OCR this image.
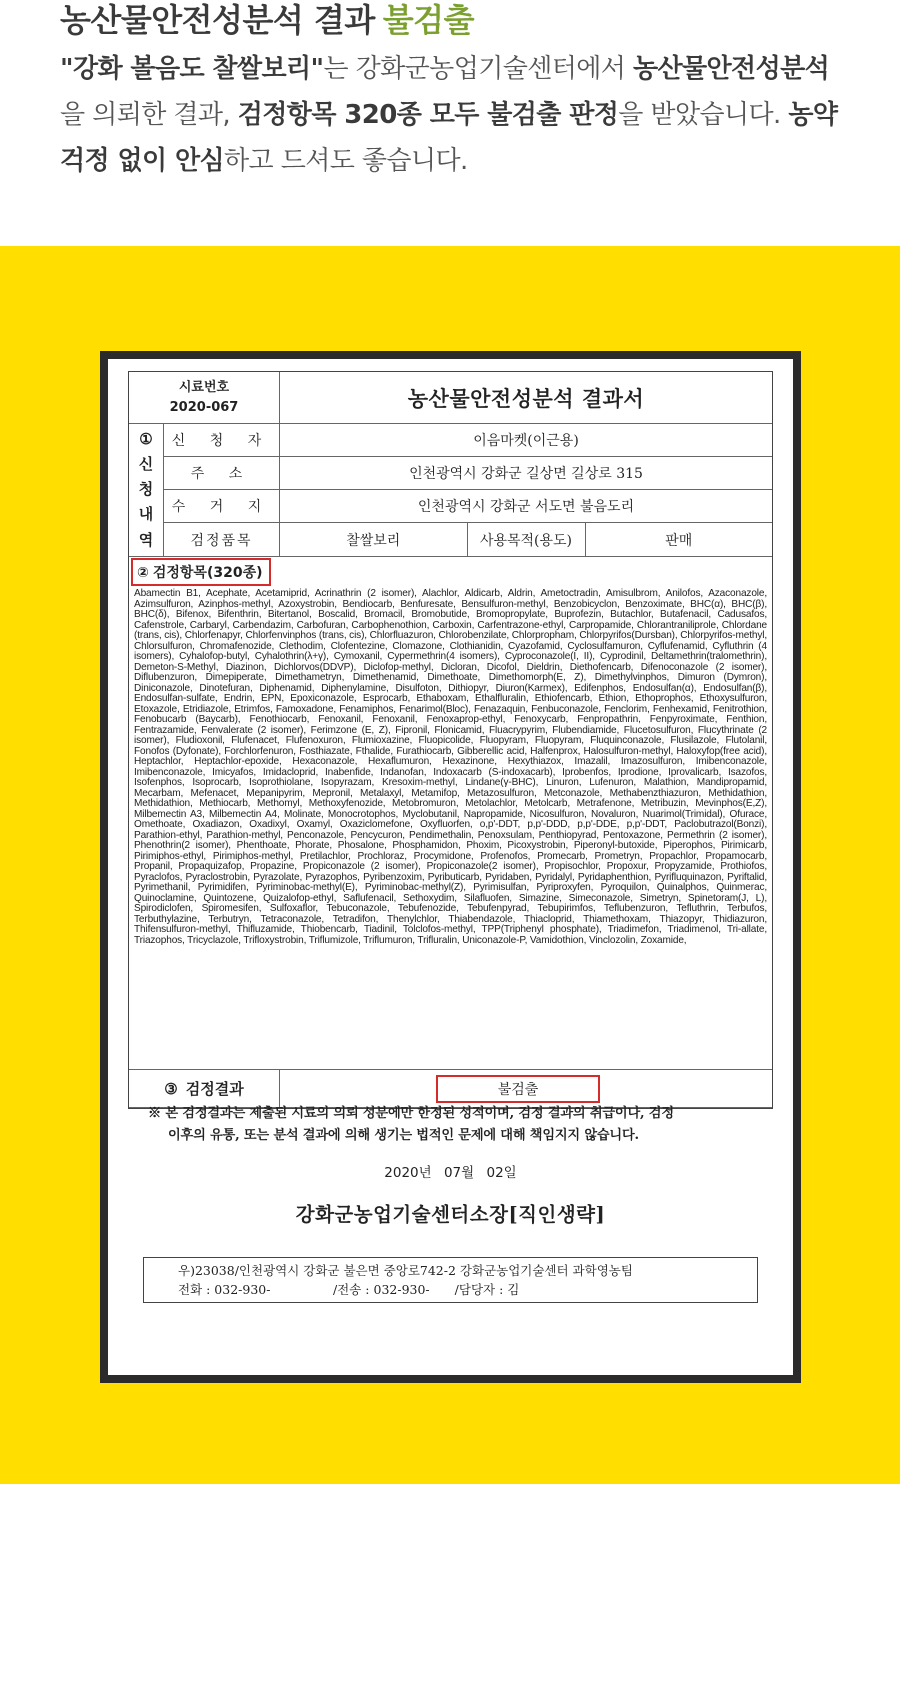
농산물안전성분석 결과 불검출

"강화 볼음도 찰쌀보리"는 강화군농업기술센터에서 농산물안전성분석을 의뢰한 결과, 검정항목 320종 모두 불검출 판정을 받았습니다. 농약 걱정 없이 안심하고 드셔도 좋습니다.

시료번호
2020-067	농산물안전성분석 결과서
①
신
청
내
역
신 청 자	이음마켓(이근용)
주 소	인천광역시 강화군 길상면 길상로 315
수 거 지	인천광역시 강화군 서도면 불음도리
검정품목	찰쌀보리	사용목적(용도)	판매
② 검정항목(320종)
Abamectin B1, Acephate, Acetamiprid, Acrinathrin (2 isomer), Alachlor, Aldicarb, Aldrin, Ametoctradin, Amisulbrom, Anilofos, Azaconazole, Azimsulfuron, Azinphos-methyl, Azoxystrobin, Bendiocarb, Benfuresate, Bensulfuron-methyl, Benzobicyclon, Benzoximate, BHC(α), BHC(β), BHC(δ), Bifenox, Bifenthrin, Bitertanol, Boscalid, Bromacil, Bromobutide, Bromopropylate, Buprofezin, Butachlor, Butafenacil, Cadusafos, Cafenstrole, Carbaryl, Carbendazim, Carbofuran, Carbophenothion, Carboxin, Carfentrazone-ethyl, Carpropamide, Chlorantraniliprole, Chlordane (trans, cis), Chlorfenapyr, Chlorfenvinphos (trans, cis), Chlorfluazuron, Chlorobenzilate, Chlorpropham, Chlorpyrifos(Dursban), Chlorpyrifos-methyl, Chlorsulfuron, Chromafenozide, Clethodim, Clofentezine, Clomazone, Clothianidin, Cyazofamid, Cyclosulfamuron, Cyflufenamid, Cyfluthrin (4 isomers), Cyhalofop-butyl, Cyhalothrin(λ+γ), Cymoxanil, Cypermethrin(4 isomers), Cyproconazole(I, II), Cyprodinil, Deltamethrin(tralomethrin), Demeton-S-Methyl, Diazinon, Dichlorvos(DDVP), Diclofop-methyl, Dicloran, Dicofol, Dieldrin, Diethofencarb, Difenoconazole (2 isomer), Diflubenzuron, Dimepiperate, Dimethametryn, Dimethenamid, Dimethoate, Dimethomorph(E, Z), Dimethylvinphos, Dimuron (Dymron), Diniconazole, Dinotefuran, Diphenamid, Diphenylamine, Disulfoton, Dithiopyr, Diuron(Karmex), Edifenphos, Endosulfan(α), Endosulfan(β), Endosulfan-sulfate, Endrin, EPN, Epoxiconazole, Esprocarb, Ethaboxam, Ethalfluralin, Ethiofencarb, Ethion, Ethoprophos, Ethoxysulfuron, Etoxazole, Etridiazole, Etrimfos, Famoxadone, Fenamiphos, Fenarimol(Bloc), Fenazaquin, Fenbuconazole, Fenclorim, Fenhexamid, Fenitrothion, Fenobucarb (Baycarb), Fenothiocarb, Fenoxanil, Fenoxanil, Fenoxaprop-ethyl, Fenoxycarb, Fenpropathrin, Fenpyroximate, Fenthion, Fentrazamide, Fenvalerate (2 isomer), Ferimzone (E, Z), Fipronil, Flonicamid, Fluacrypyrim, Flubendiamide, Flucetosulfuron, Flucythrinate (2 isomer), Fludioxonil, Flufenacet, Flufenoxuron, Flumioxazine, Fluopicolide, Fluopyram, Fluopyram, Fluquinconazole, Flusilazole, Flutolanil, Fonofos (Dyfonate), Forchlorfenuron, Fosthiazate, Fthalide, Furathiocarb, Gibberellic acid, Halfenprox, Halosulfuron-methyl, Haloxyfop(free acid), Heptachlor, Heptachlor-epoxide, Hexaconazole, Hexaflumuron, Hexazinone, Hexythiazox, Imazalil, Imazosulfuron, Imibenconazole, Imibenconazole, Imicyafos, Imidacloprid, Inabenfide, Indanofan, Indoxacarb (S-indoxacarb), Iprobenfos, Iprodione, Iprovalicarb, Isazofos, Isofenphos, Isoprocarb, Isoprothiolane, Isopyrazam, Kresoxim-methyl, Lindane(γ-BHC), Linuron, Lufenuron, Malathion, Mandipropamid, Mecarbam, Mefenacet, Mepanipyrim, Mepronil, Metalaxyl, Metamifop, Metazosulfuron, Metconazole, Methabenzthiazuron, Methidathion, Methidathion, Methiocarb, Methomyl, Methoxyfenozide, Metobromuron, Metolachlor, Metolcarb, Metrafenone, Metribuzin, Mevinphos(E,Z), Milbemectin A3, Milbemectin A4, Molinate, Monocrotophos, Myclobutanil, Napropamide, Nicosulfuron, Novaluron, Nuarimol(Trimidal), Ofurace, Omethoate, Oxadiazon, Oxadixyl, Oxamyl, Oxaziclomefone, Oxyfluorfen, o,p'-DDT, p,p'-DDD, p,p'-DDE, p,p'-DDT, Paclobutrazol(Bonzi), Parathion-ethyl, Parathion-methyl, Penconazole, Pencycuron, Pendimethalin, Penoxsulam, Penthiopyrad, Pentoxazone, Permethrin (2 isomer), Phenothrin(2 isomer), Phenthoate, Phorate, Phosalone, Phosphamidon, Phoxim, Picoxystrobin, Piperonyl-butoxide, Piperophos, Pirimicarb, Pirimiphos-ethyl, Pirimiphos-methyl, Pretilachlor, Prochloraz, Procymidone, Profenofos, Promecarb, Prometryn, Propachlor, Propamocarb, Propanil, Propaquizafop, Propazine, Propiconazole (2 isomer), Propiconazole(2 isomer), Propisochlor, Propoxur, Propyzamide, Prothiofos, Pyraclofos, Pyraclostrobin, Pyrazolate, Pyrazophos, Pyribenzoxim, Pyributicarb, Pyridaben, Pyridalyl, Pyridaphenthion, Pyrifluquinazon, Pyriftalid, Pyrimethanil, Pyrimidifen, Pyriminobac-methyl(E), Pyriminobac-methyl(Z), Pyrimisulfan, Pyriproxyfen, Pyroquilon, Quinalphos, Quinmerac, Quinoclamine, Quintozene, Quizalofop-ethyl, Saflufenacil, Sethoxydim, Silafluofen, Simazine, Simeconazole, Simetryn, Spinetoram(J, L), Spirodiclofen, Spiromesifen, Sulfoxaflor, Tebuconazole, Tebufenozide, Tebufenpyrad, Tebupirimfos, Teflubenzuron, Tefluthrin, Terbufos, Terbuthylazine, Terbutryn, Tetraconazole, Tetradifon, Thenylchlor, Thiabendazole, Thiacloprid, Thiamethoxam, Thiazopyr, Thidiazuron, Thifensulfuron-methyl, Thifluzamide, Thiobencarb, Tiadinil, Tolclofos-methyl, TPP(Triphenyl phosphate), Triadimefon, Triadimenol, Tri-allate, Triazophos, Tricyclazole, Trifloxystrobin, Triflumizole, Triflumuron, Trifluralin, Uniconazole-P, Vamidothion, Vinclozolin, Zoxamide,
③ 검정결과	불검출
※ 본 검정결과는 제출된 시료의 의뢰 성분에만 한정된 성적이며, 검정 결과의 취급이나, 검정
이후의 유통, 또는 분석 결과에 의해 생기는 법적인 문제에 대해 책임지지 않습니다.
2020년 07월 02일
강화군농업기술센터소장[직인생략]
우)23038/인천광역시 강화군 불은면 중앙로742-2 강화군농업기술센터 과학영농팀
전화 : 032-930-　　　　　/전송 : 032-930-　　/담당자 : 김
